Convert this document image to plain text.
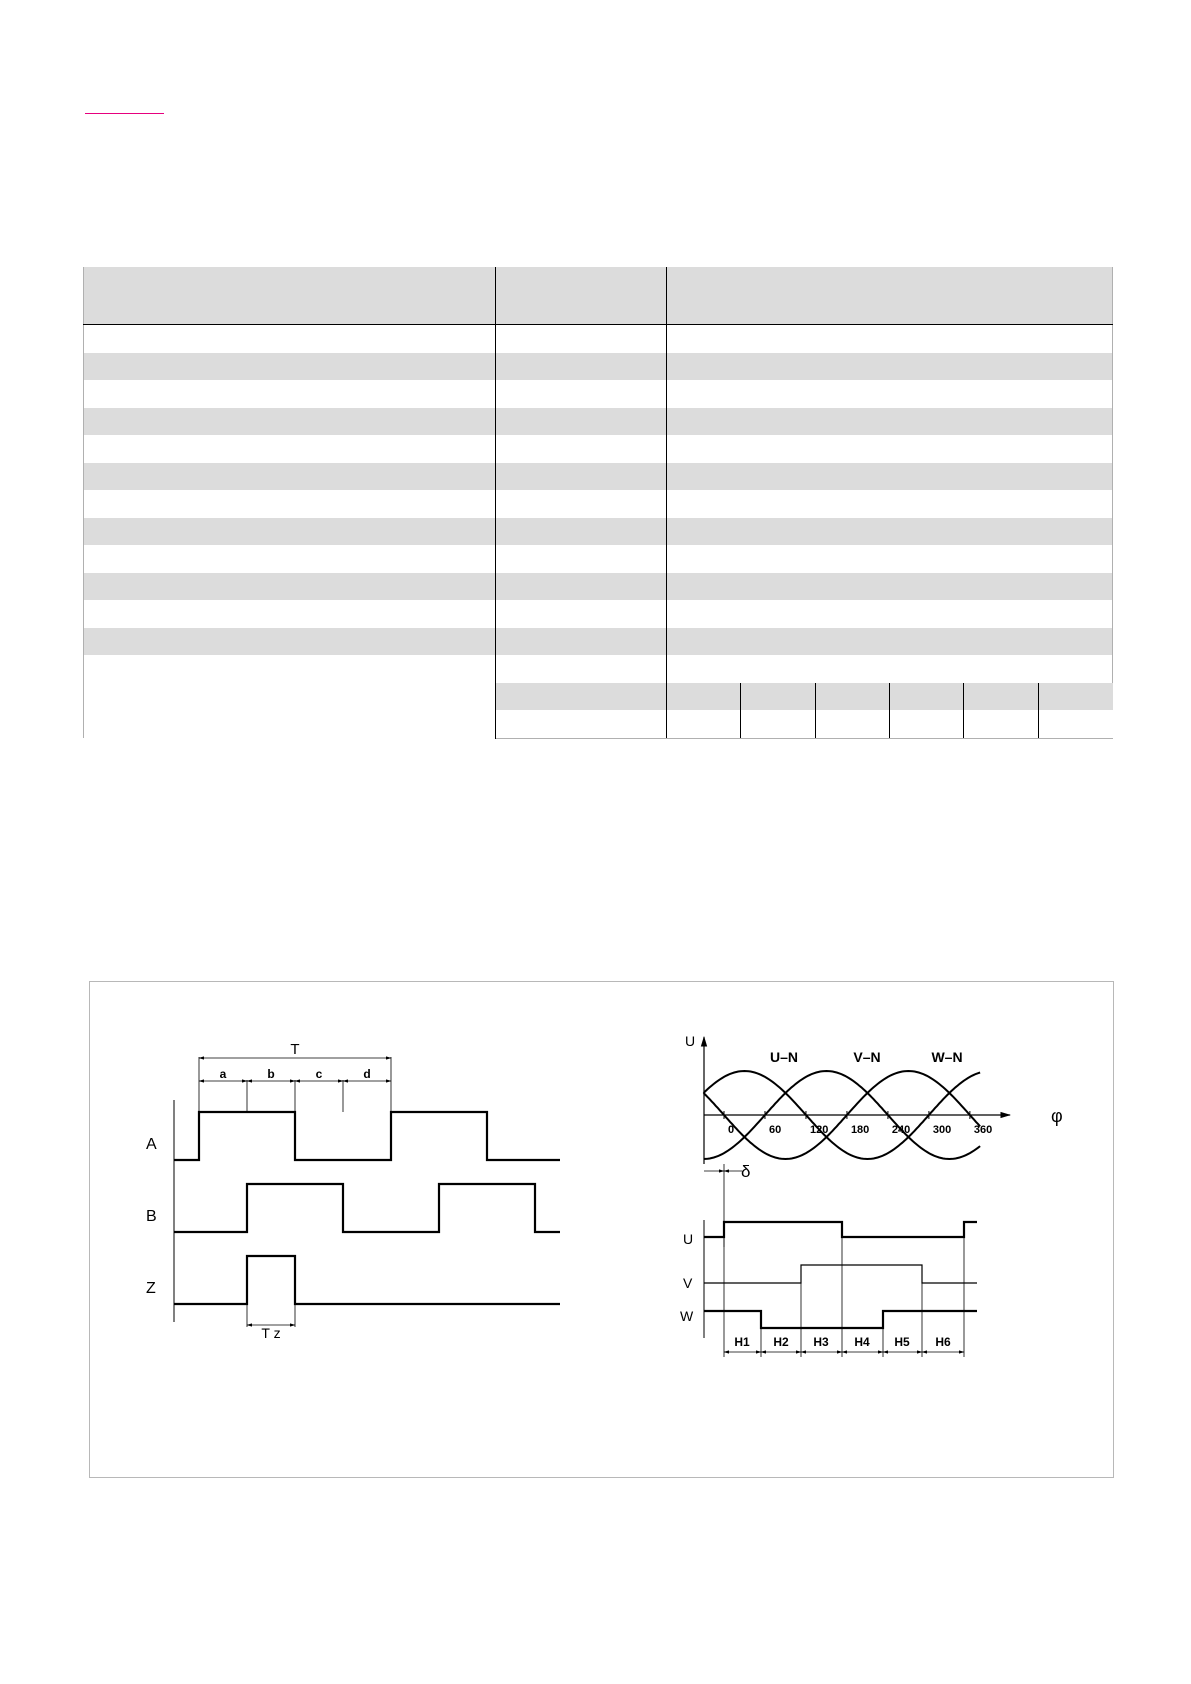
T
a	b	c	d
A
B
Z
T z
U
U–N	V–N	W–N
φ
0	60	120 180 240 300 360
δ
U
V
W
H1 H2 H3 H4 H5 H6
